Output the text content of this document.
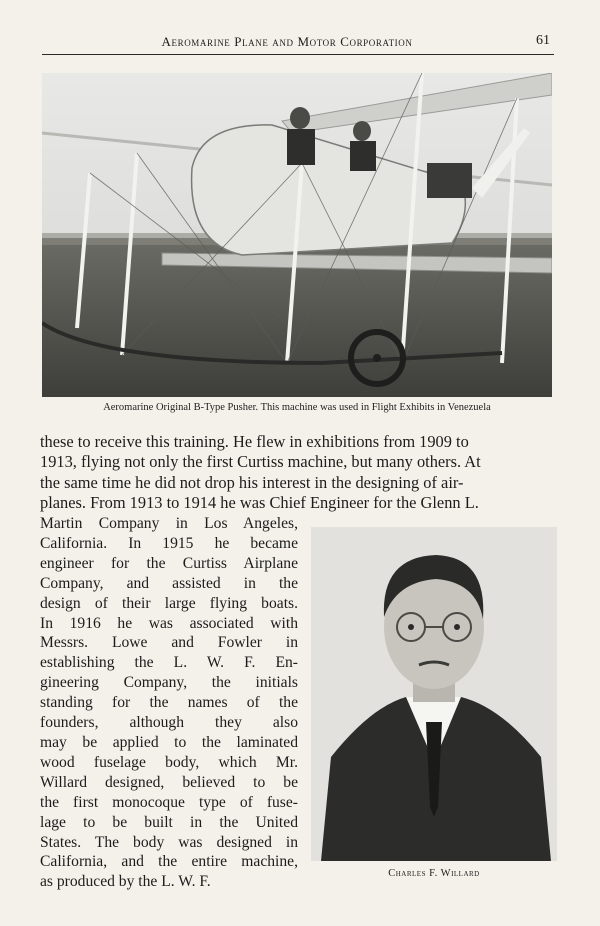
Aeromarine Plane and Motor Corporation	61
Aeromarine Original B-Type Pusher. This machine was used in Flight Exhibits in Venezuela
these to receive this training. He flew in exhibitions from 1909 to
1913, flying not only the first Curtiss machine, but many others. At
the same time he did not drop his interest in the designing of air-
planes. From 1913 to 1914 he was Chief Engineer for the Glenn L.
Martin Company in Los Angeles,
California. In 1915 he became
engineer for the Curtiss Airplane
Company, and assisted in the
design of their large flying boats.
In 1916 he was associated with
Messrs. Lowe and Fowler in
establishing the L. W. F. En-
gineering Company, the initials
standing for the names of the
founders, although they also
may be applied to the laminated
wood fuselage body, which Mr.
Willard designed, believed to be
the first monocoque type of fuse-
lage to be built in the United
States. The body was designed in
California, and the entire machine,
as produced by the L. W. F.	Charles F. Willard
